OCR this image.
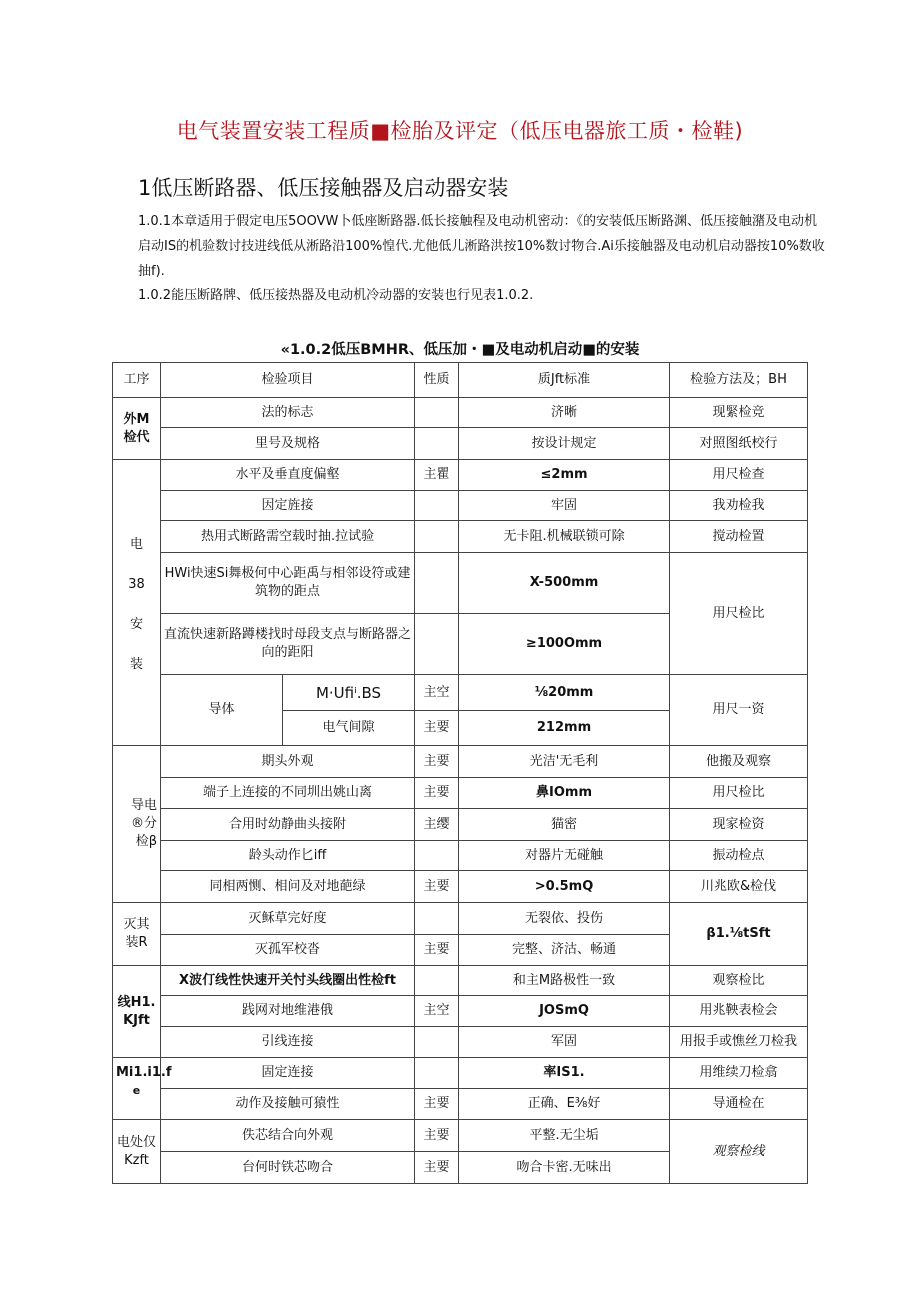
电气装置安装工程质■检胎及评定（低压电器旅工质・检鞋)
1低压断路器、低压接触器及启动器安装
1.0.1本章适用于假定电压5OOVW卜低座断路器.低长接触程及电动机密动：《的安装低压断路渊、低压接触潴及电动机启动IS的机验数讨技进线低从淅路沿100%惶代.尤他低儿淅路洪按10%数讨物合.Ai乐接触器及电动机启动器按10%数收抽f).
1.0.2能压断路牌、低压接热器及电动机冷动器的安装也行见表1.0.2.
«1.0.2低压BMHR、低压加・■及电动机启动■的安装
工序	检验项目		性质	质Jft标准	检验方法及；BH

外M
检代	法的标志			济晰	现緊检竞
	里号及规格			按设计规定	对照图纸校行

电
38
安
装	水平及垂直度偏壑		主瞿	≤2mm	用尺检查
	因定旌接			牢固	我劝检我
	热用式断路需空载时抽.拉试验			无卡阻.机械联锁可除	搅动检置
	HWi快速Si舞极何中心距禹与相邻设符或建筑物的距点			X-500mm	用尺检比
	直流快速新路蹲楼找时母段支点与断路器之向的距阳			≥100Omm	
	导体	M·Ufiⁱ.BS	主空	⅛20mm	用尺一资
		电气间隙	主要	212mm	

导电
®分
检β	期头外观		主要	光洁'无毛利	他搬及观察
	端子上连接的不同圳出姚山离		主要	鼻IOmm	用尺检比
	合用时幼静曲头接附		主缨	猫密	现家检资
	龄头动作匕iff			对器片无碰触	振动检点
	同相两恻、相问及对地葩绿		主要	>0.5mQ	川兆欧&检伐

灭其
装R	灭稣草完好度			无裂依、投伤	β1.⅛tSft
	灭孤军校沓		主要	完整、济沽、畅通	

线H1.
KJft	X波仃线性快速开关忖头线圈出性检ft			和主M路极性一致	观察检比
	践网对地维港俄		主空	JOSmQ	用兆鞅表检会
	引线连接			军固	用报手或憔丝刀检我

Mi1.i1.f
e	固定连接			率IS1.	用维续刀检翕
	动作及接触可猿性		主要	正确、E⅜好	导通检在

电处仅
Kzft	佚芯结合向外观		主要	平整.无尘垢	观察检线
	台何时铁芯吻合		主要	吻合卡密.无味出	
